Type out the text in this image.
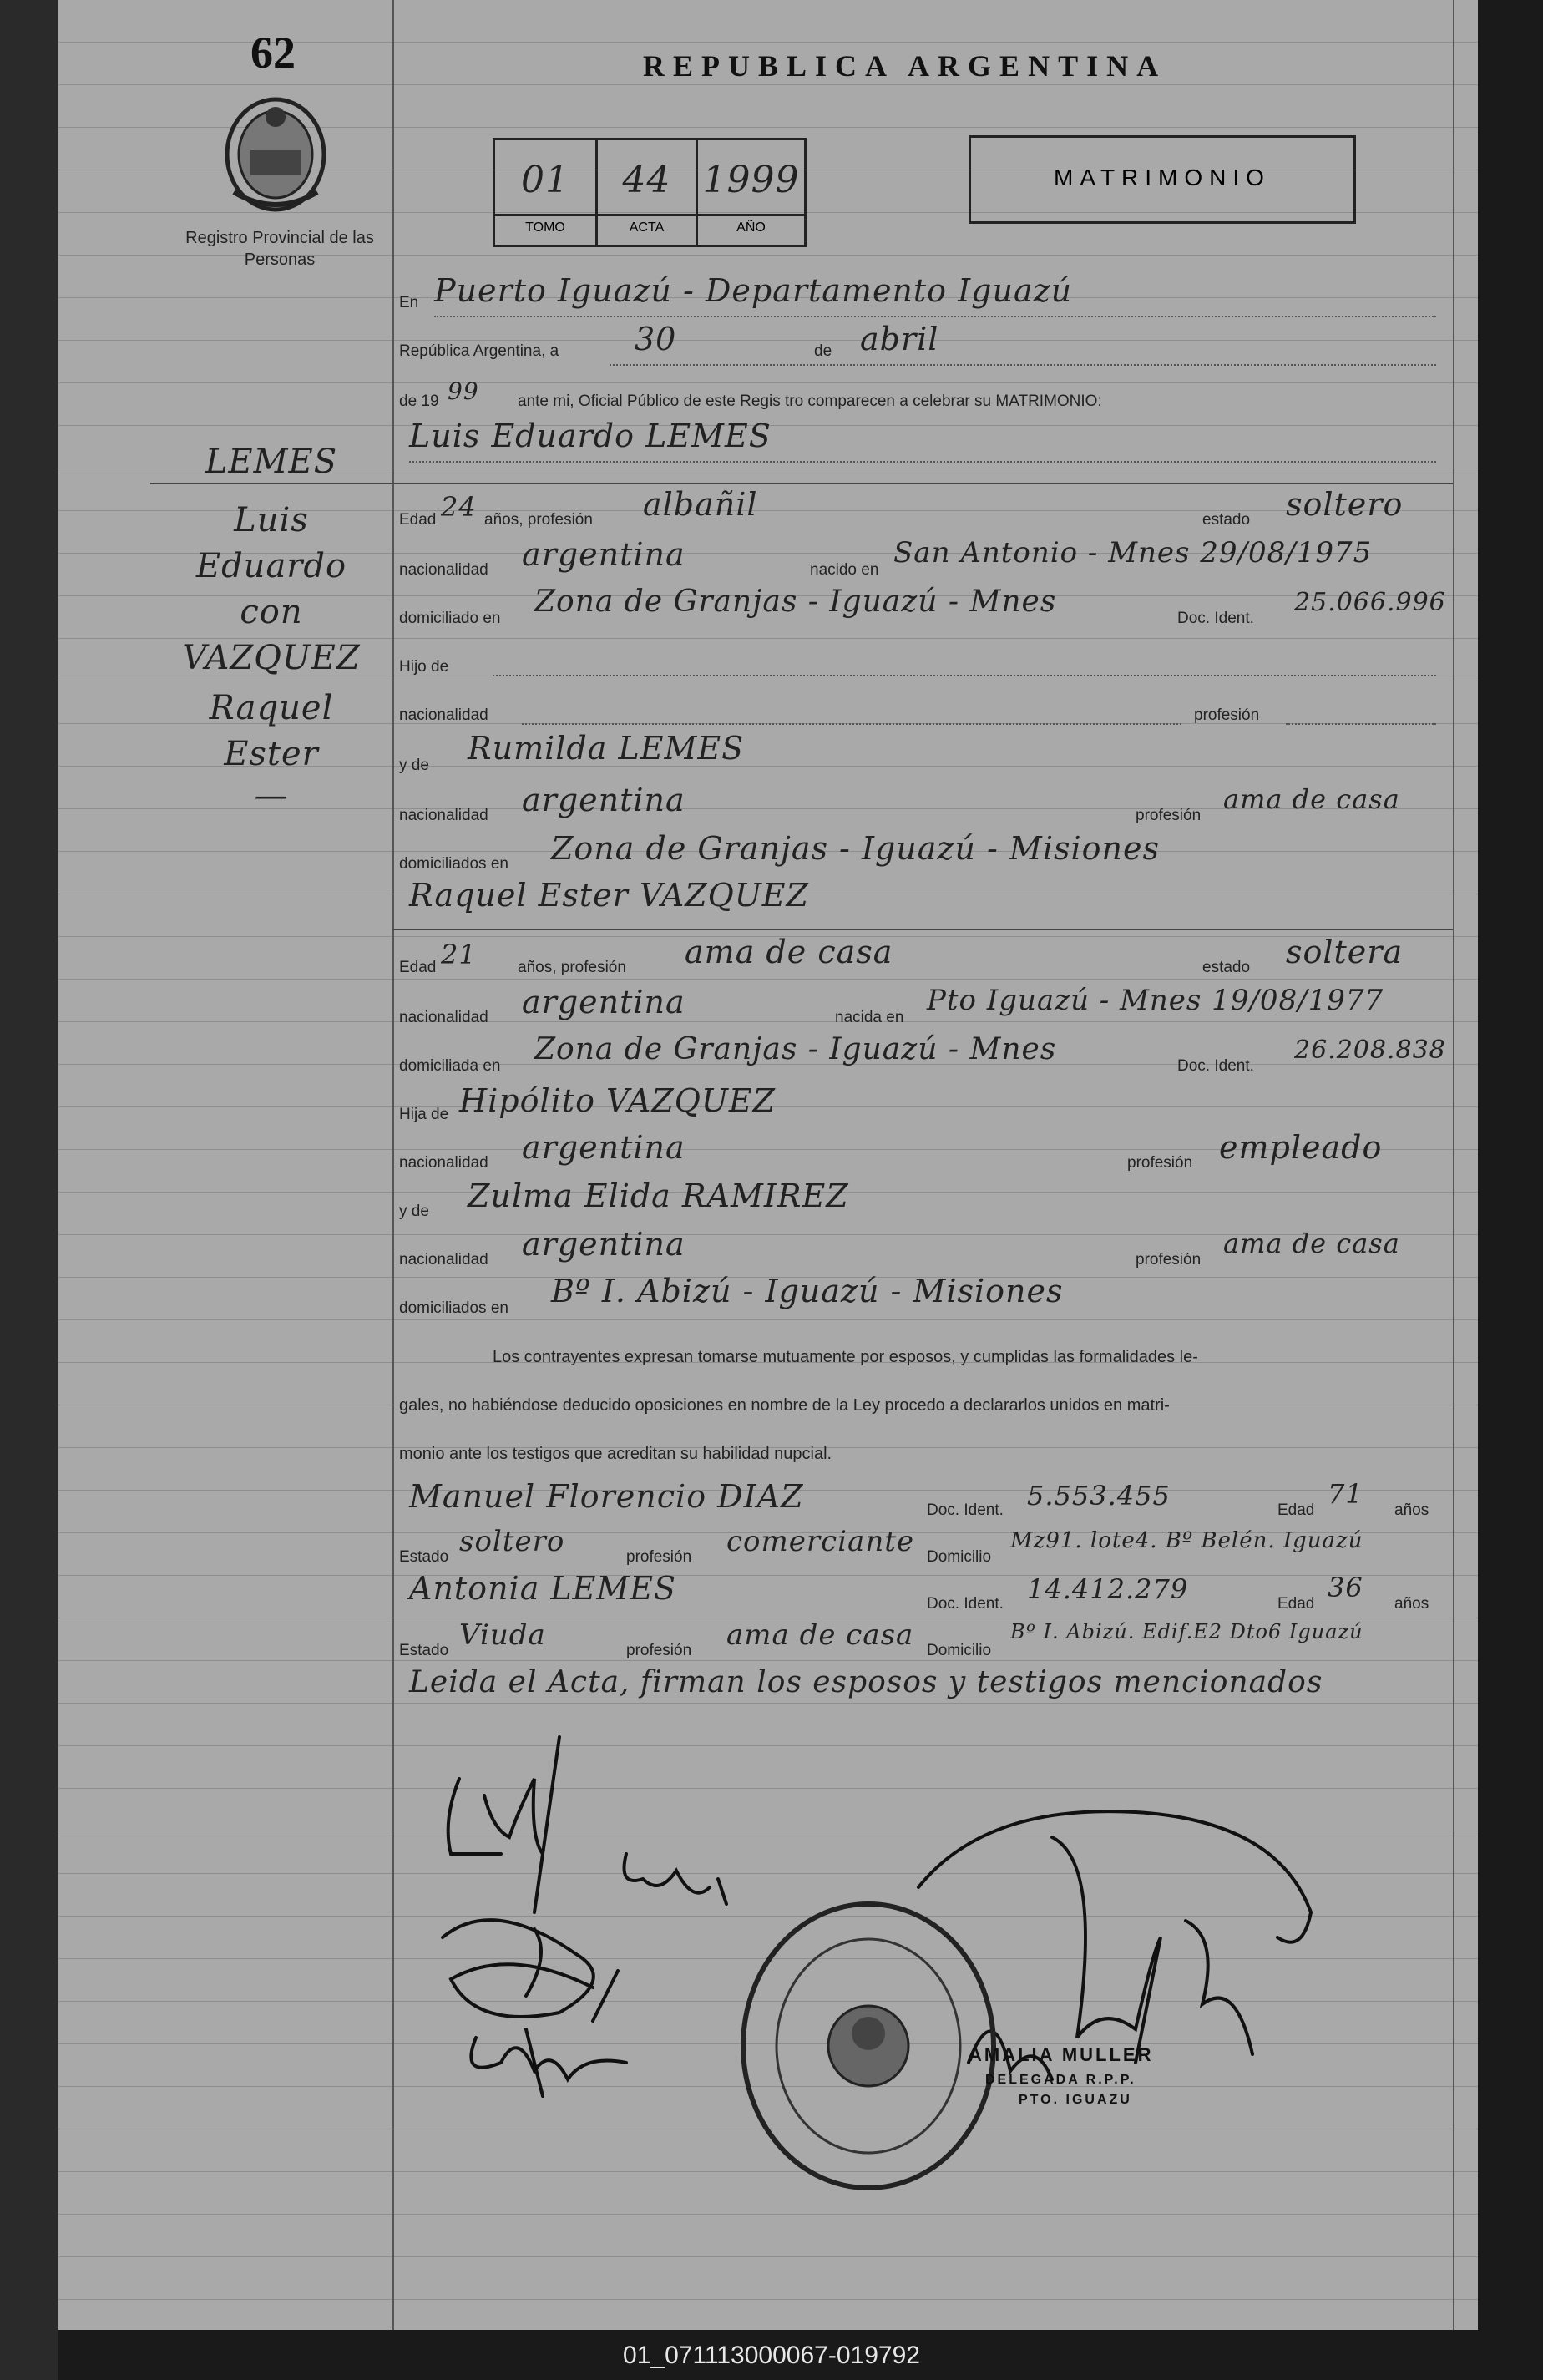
62
Registro Provincial de las Personas
REPUBLICA ARGENTINA
01	44 1999
TOMO	ACTA	AÑO
MATRIMONIO
LEMES
Luis
Eduardo
con
VAZQUEZ
Raquel
Ester
—
En Puerto Iguazú - Departamento Iguazú
República Argentina, a 30	de abril
de 19 99 ante mi, Oficial Público de este Regis tro comparecen a celebrar su MATRIMONIO:
Luis Eduardo LEMES
Edad 24 años, profesión albañil	estado soltero
nacionalidad argentina	nacido en
San Antonio - Mnes 29/08/1975
domiciliado en Zona de Granjas - Iguazú - Mnes	Doc. Ident.
25.066.996
Hijo de
nacionalidad	profesión
y de Rumilda LEMES
nacionalidad argentina	profesión
ama de casa
domiciliados en Zona de Granjas - Iguazú - Misiones
Raquel Ester VAZQUEZ
Edad 21	años, profesión ama de casa	estado soltera
nacionalidad argentina	nacida en
Pto Iguazú - Mnes 19/08/1977
domiciliada en Zona de Granjas - Iguazú - Mnes	Doc. Ident.
26.208.838
Hija de Hipólito VAZQUEZ
nacionalidad argentina	profesión empleado
y de Zulma Elida RAMIREZ
nacionalidad argentina	profesión
ama de casa
domiciliados en Bº I. Abizú - Iguazú - Misiones
Los contrayentes expresan tomarse mutuamente por esposos, y cumplidas las formalidades le-
gales, no habiéndose deducido oposiciones en nombre de la Ley procedo a declararlos unidos en matri-
monio ante los testigos que acreditan su habilidad nupcial.
Manuel Florencio DIAZ	Doc. Ident. 5.553.455	Edad
71
años
Estado soltero	profesión comerciante Domicilio
Mz91. lote4. Bº Belén. Iguazú
Antonia LEMES	Doc. Ident. 14.412.279	Edad
36
años
Estado Viuda	profesión ama de casa Domicilio
Bº I. Abizú. Edif.E2 Dto6 Iguazú
Leida el Acta, firman los esposos y testigos mencionados
AMALIA MULLER
DELEGADA R.P.P.
PTO. IGUAZU
01_071113000067-019792
